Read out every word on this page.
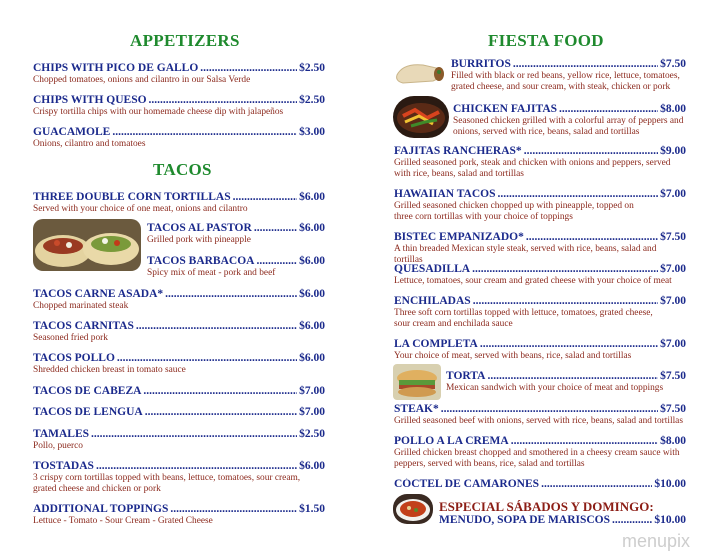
APPETIZERS
CHIPS WITH PICO DE GALLO .....	$2.50
Chopped tomatoes, onions and cilantro in our Salsa Verde
CHIPS WITH QUESO .....	$2.50
Crispy tortilla chips with our homemade cheese dip with jalapeños
GUACAMOLE .....	$3.00
Onions, cilantro and tomatoes
TACOS
THREE DOUBLE CORN TORTILLAS .....	$6.00
Served with your choice of one meat, onions and cilantro
TACOS AL PASTOR .....	$6.00
Grilled pork with pineapple
TACOS BARBACOA .....	$6.00
Spicy mix of meat - pork and beef
TACOS CARNE ASADA* .....	$6.00
Chopped marinated steak
TACOS CARNITAS .....	$6.00
Seasoned fried pork
TACOS POLLO .....	$6.00
Shredded chicken breast in tomato sauce
TACOS DE CABEZA .....	$7.00
TACOS DE LENGUA .....	$7.00
TAMALES .....	$2.50
Pollo, puerco
TOSTADAS .....	$6.00
3 crispy corn tortillas topped with beans, lettuce, tomatoes, sour cream, grated cheese and chicken or pork
ADDITIONAL TOPPINGS .....	$1.50
Lettuce - Tomato - Sour Cream - Grated Cheese
FIESTA FOOD
BURRITOS .....	$7.50
Filled with black or red beans, yellow rice, lettuce, tomatoes, grated cheese, and sour cream, with steak, chicken or pork
CHICKEN FAJITAS .....	$8.00
Seasoned chicken grilled with a colorful array of peppers and onions, served with rice, beans, salad and tortillas
FAJITAS RANCHERAS* .....	$9.00
Grilled seasoned pork, steak and chicken with onions and peppers, served with rice, beans, salad and tortillas
HAWAIIAN TACOS .....	$7.00
Grilled seasoned chicken chopped up with pineapple, topped on three corn tortillas with your choice of toppings
BISTEC EMPANIZADO* .....	$7.50
A thin breaded Mexican style steak, served with rice, beans, salad and tortillas
QUESADILLA .....	$7.00
Lettuce, tomatoes, sour cream and grated cheese with your choice of meat
ENCHILADAS .....	$7.00
Three soft corn tortillas topped with lettuce, tomatoes, grated cheese, sour cream and enchilada sauce
LA COMPLETA .....	$7.00
Your choice of meat, served with beans, rice, salad and tortillas
TORTA .....	$7.50
Mexican sandwich with your choice of meat and toppings
STEAK* .....	$7.50
Grilled seasoned beef with onions, served with rice, beans, salad and tortillas
POLLO A LA CREMA .....	$8.00
Grilled chicken breast chopped and smothered in a cheesy cream sauce with peppers, served with beans, rice, salad and tortillas
CÓCTEL DE CAMARONES .....	$10.00
ESPECIAL SÁBADOS Y DOMINGO:
MENUDO, SOPA DE MARISCOS .....	$10.00
menupix
